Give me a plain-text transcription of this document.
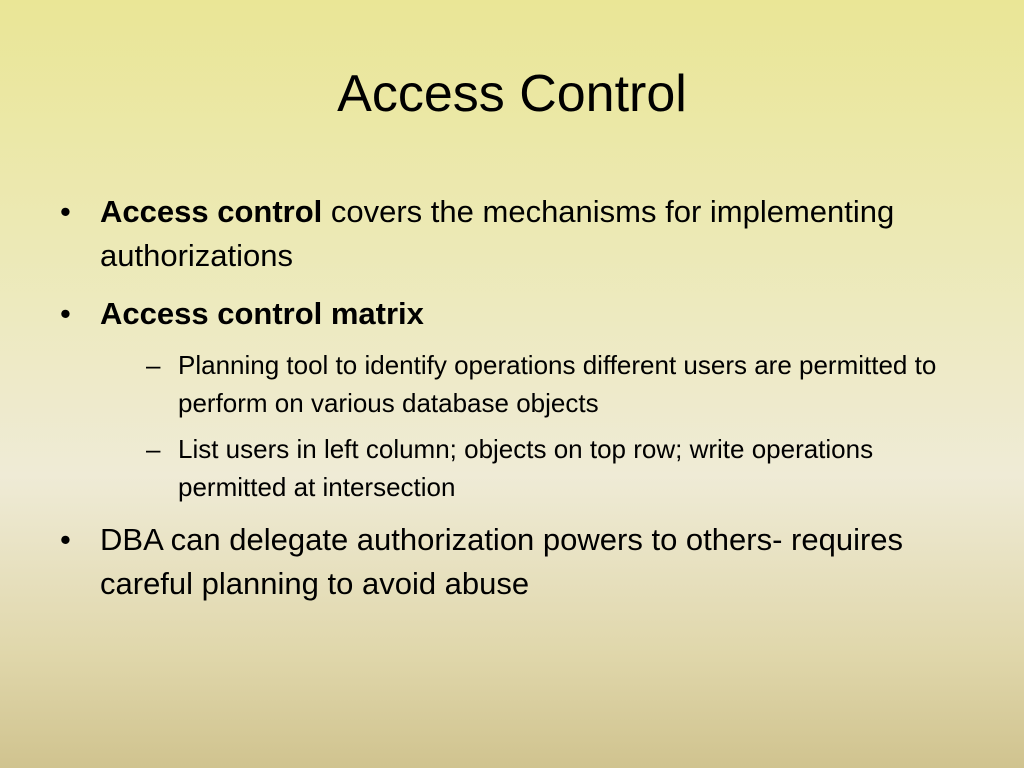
Access Control
• Access control covers the mechanisms for implementing authorizations
• Access control matrix
– Planning tool to identify operations different users are permitted to perform on various database objects
– List users in left column; objects on top row; write operations permitted at intersection
• DBA can delegate authorization powers to others- requires careful planning to avoid abuse
